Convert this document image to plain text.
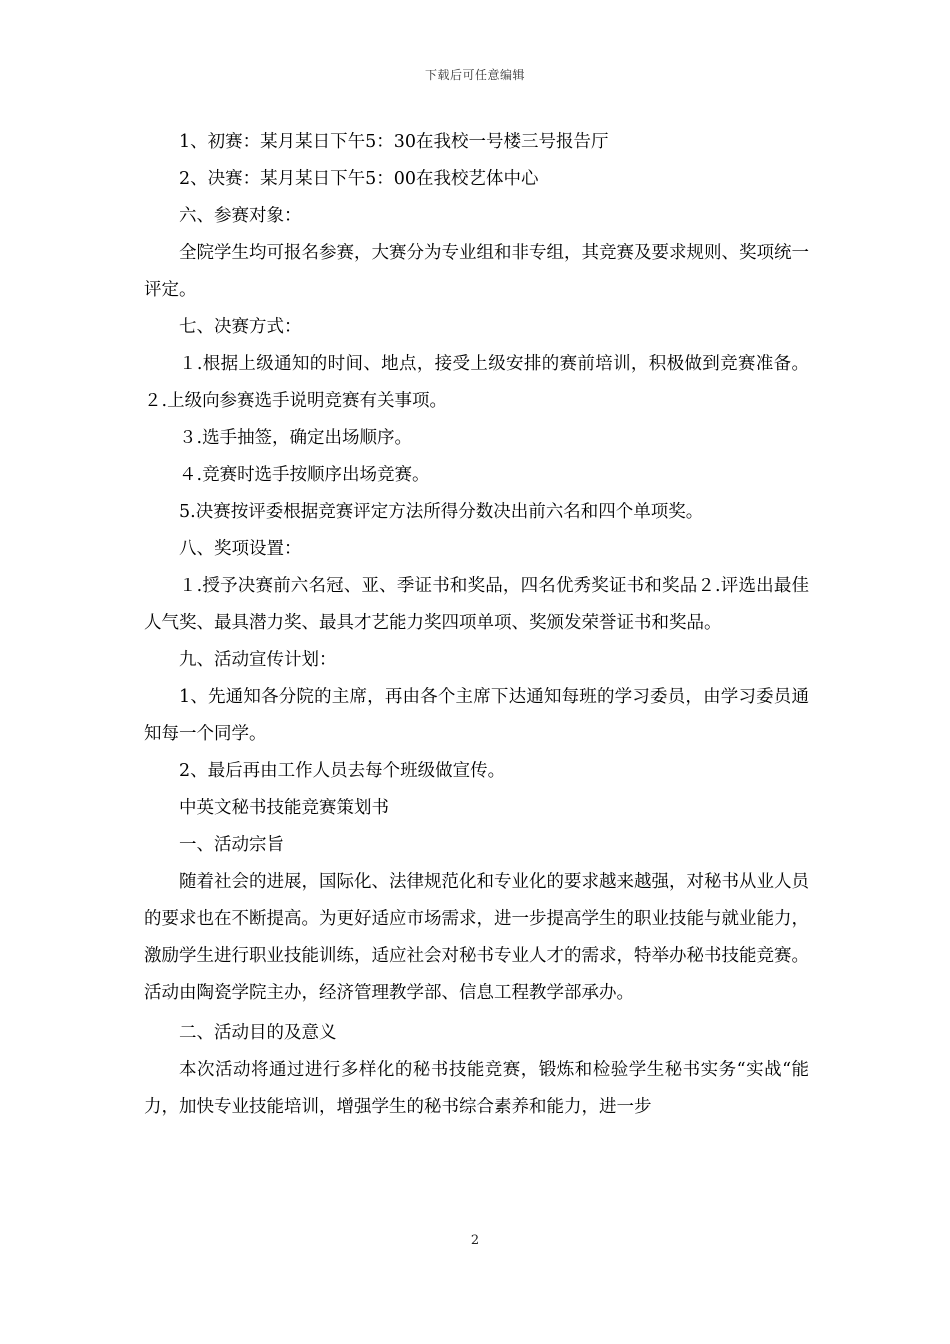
下载后可任意编辑

1、初赛：某月某日下午5：30在我校一号楼三号报告厅

2、决赛：某月某日下午5：00在我校艺体中心

六、参赛对象：

全院学生均可报名参赛，大赛分为专业组和非专组，其竞赛及要求规则、奖项统一评定。

七、决赛方式：

１.根据上级通知的时间、地点，接受上级安排的赛前培训，积极做到竞赛准备。２.上级向参赛选手说明竞赛有关事项。

３.选手抽签，确定出场顺序。

４.竞赛时选手按顺序出场竞赛。

5.决赛按评委根据竞赛评定方法所得分数决出前六名和四个单项奖。

八、奖项设置：

１.授予决赛前六名冠、亚、季证书和奖品，四名优秀奖证书和奖品２.评选出最佳人气奖、最具潜力奖、最具才艺能力奖四项单项、奖颁发荣誉证书和奖品。

九、活动宣传计划：

1、先通知各分院的主席，再由各个主席下达通知每班的学习委员，由学习委员通知每一个同学。

2、最后再由工作人员去每个班级做宣传。

中英文秘书技能竞赛策划书

一、活动宗旨

随着社会的进展，国际化、法律规范化和专业化的要求越来越强，对秘书从业人员的要求也在不断提高。为更好适应市场需求，进一步提高学生的职业技能与就业能力，激励学生进行职业技能训练，适应社会对秘书专业人才的需求，特举办秘书技能竞赛。活动由陶瓷学院主办，经济管理教学部、信息工程教学部承办。

二、活动目的及意义

本次活动将通过进行多样化的秘书技能竞赛，锻炼和检验学生秘书实务“实战“能力，加快专业技能培训，增强学生的秘书综合素养和能力，进一步

2
